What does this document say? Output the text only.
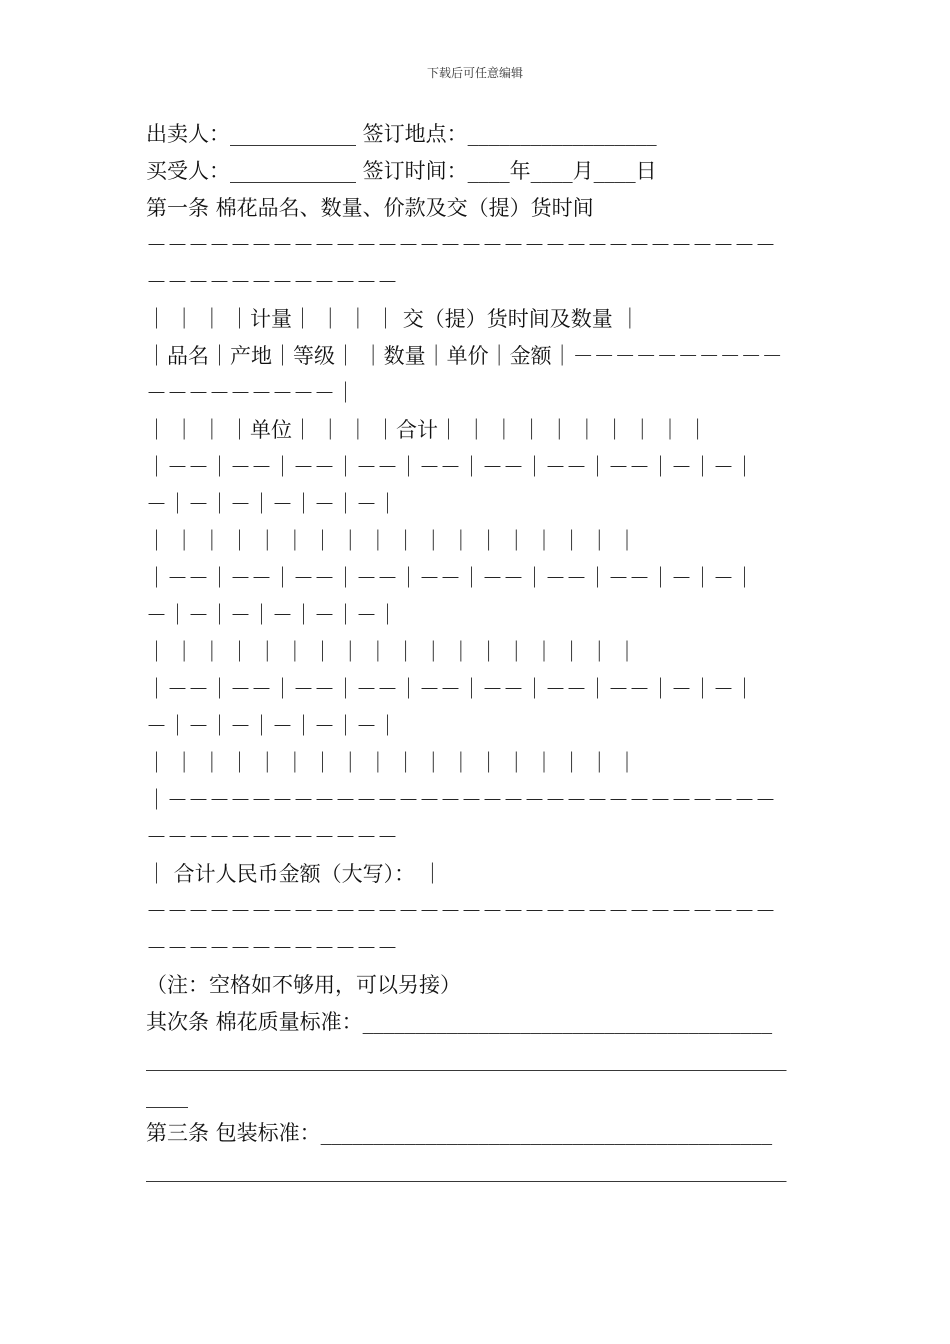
下载后可任意编辑
出卖人：____________ 签订地点：__________________
买受人：____________ 签订时间：____年____月____日
第一条 棉花品名、数量、价款及交（提）货时间
－－－－－－－－－－－－－－－－－－－－－－－－－－－－－－
－－－－－－－－－－－－
｜ ｜ ｜ ｜计量｜ ｜ ｜ ｜ 交（提）货时间及数量 ｜
｜品名｜产地｜等级｜ ｜数量｜单价｜金额｜－－－－－－－－－－
－－－－－－－－－｜
｜ ｜ ｜ ｜单位｜ ｜ ｜ ｜合计｜ ｜ ｜ ｜ ｜ ｜ ｜ ｜ ｜ ｜
｜－－｜－－｜－－｜－－｜－－｜－－｜－－｜－－｜－｜－｜
－｜－｜－｜－｜－｜－｜
｜ ｜ ｜ ｜ ｜ ｜ ｜ ｜ ｜ ｜ ｜ ｜ ｜ ｜ ｜ ｜ ｜ ｜
｜－－｜－－｜－－｜－－｜－－｜－－｜－－｜－－｜－｜－｜
－｜－｜－｜－｜－｜－｜
｜ ｜ ｜ ｜ ｜ ｜ ｜ ｜ ｜ ｜ ｜ ｜ ｜ ｜ ｜ ｜ ｜ ｜
｜－－｜－－｜－－｜－－｜－－｜－－｜－－｜－－｜－｜－｜
－｜－｜－｜－｜－｜－｜
｜ ｜ ｜ ｜ ｜ ｜ ｜ ｜ ｜ ｜ ｜ ｜ ｜ ｜ ｜ ｜ ｜ ｜
｜－－－－－－－－－－－－－－－－－－－－－－－－－－－－－
－－－－－－－－－－－－
｜ 合计人民币金额（大写）： ｜
－－－－－－－－－－－－－－－－－－－－－－－－－－－－－－
－－－－－－－－－－－－
（注：空格如不够用，可以另接）
其次条 棉花质量标准：_______________________________________
_____________________________________________________________
____
第三条 包装标准：___________________________________________
_____________________________________________________________
